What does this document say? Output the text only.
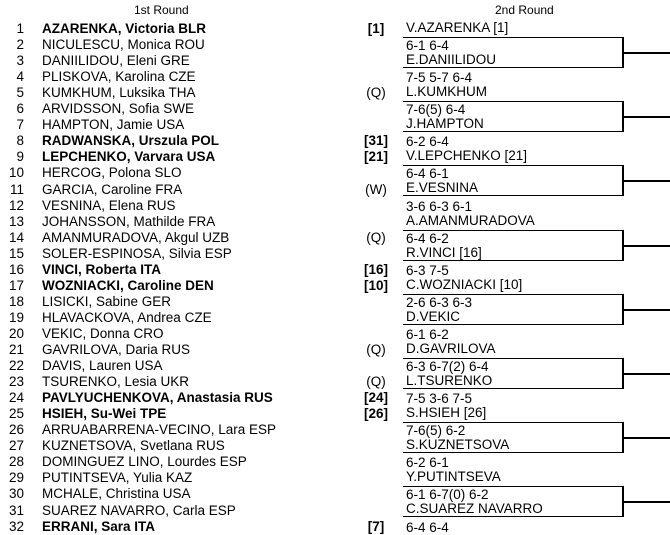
1st Round	2nd Round
1 AZARENKA, Victoria BLR	[1]
2 NICULESCU, Monica ROU
3 DANIILIDOU, Eleni GRE
4 PLISKOVA, Karolina CZE
5 KUMKHUM, Luksika THA	(Q)
6 ARVIDSSON, Sofia SWE
7 HAMPTON, Jamie USA
8 RADWANSKA, Urszula POL	[31]
9 LEPCHENKO, Varvara USA	[21]
10 HERCOG, Polona SLO
11 GARCIA, Caroline FRA	(W)
12 VESNINA, Elena RUS
13 JOHANSSON, Mathilde FRA
14 AMANMURADOVA, Akgul UZB	(Q)
15 SOLER-ESPINOSA, Silvia ESP
16 VINCI, Roberta ITA	[16]
17 WOZNIACKI, Caroline DEN	[10]
18 LISICKI, Sabine GER
19 HLAVACKOVA, Andrea CZE
20 VEKIC, Donna CRO
21 GAVRILOVA, Daria RUS	(Q)
22 DAVIS, Lauren USA
23 TSURENKO, Lesia UKR	(Q)
24 PAVLYUCHENKOVA, Anastasia RUS	[24]
25 HSIEH, Su-Wei TPE	[26]
26 ARRUABARRENA-VECINO, Lara ESP
27 KUZNETSOVA, Svetlana RUS
28 DOMINGUEZ LINO, Lourdes ESP
29 PUTINTSEVA, Yulia KAZ
30 MCHALE, Christina USA
31 SUAREZ NAVARRO, Carla ESP
32 ERRANI, Sara ITA	[7]
V.AZARENKA [1]
6-1 6-4
E.DANIILIDOU
7-5 5-7 6-4
L.KUMKHUM
7-6(5) 6-4
J.HAMPTON
6-2 6-4
V.LEPCHENKO [21]
6-4 6-1
E.VESNINA
3-6 6-3 6-1
A.AMANMURADOVA
6-4 6-2
R.VINCI [16]
6-3 7-5
C.WOZNIACKI [10]
2-6 6-3 6-3
D.VEKIC
6-1 6-2
D.GAVRILOVA
6-3 6-7(2) 6-4
L.TSURENKO
7-5 3-6 7-5
S.HSIEH [26]
7-6(5) 6-2
S.KUZNETSOVA
6-2 6-1
Y.PUTINTSEVA
6-1 6-7(0) 6-2
C.SUAREZ NAVARRO
6-4 6-4
